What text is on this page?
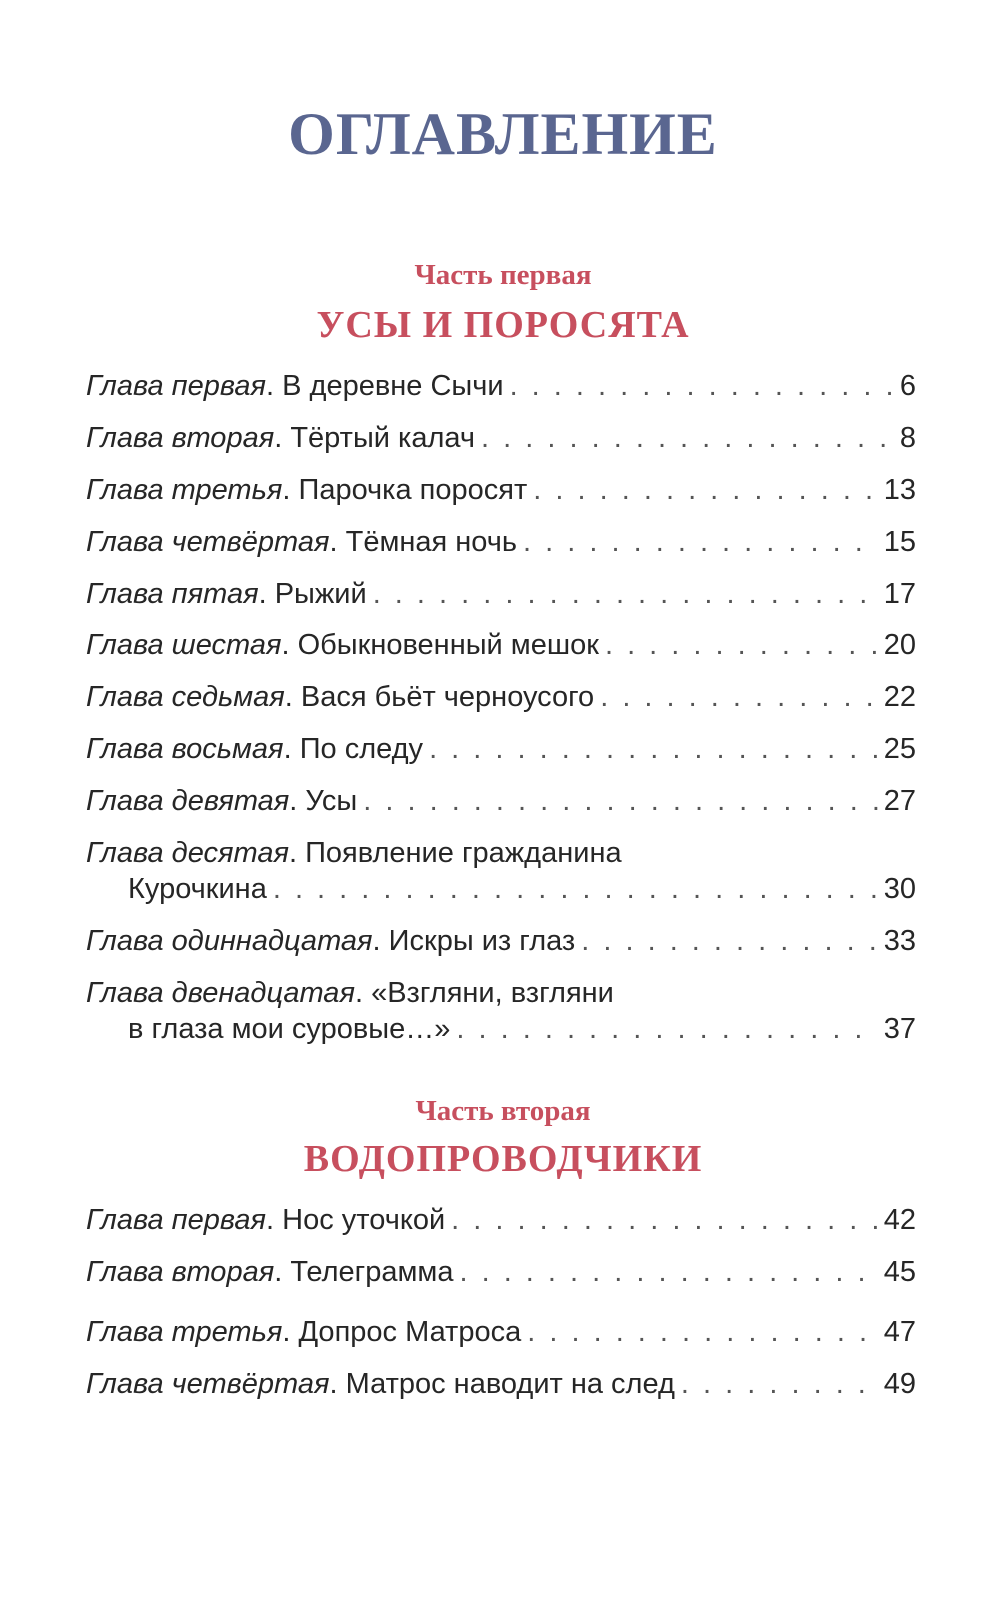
ОГЛАВЛЕНИЕ
Часть первая
УСЫ И ПОРОСЯТА
Глава первая . В деревне Сычи . . .	6
Глава вторая . Тёртый калач . . .	8
Глава третья . Парочка поросят . . .	13
Глава четвёртая . Тёмная ночь . . .	15
Глава пятая . Рыжий . . .	17
Глава шестая . Обыкновенный мешок . . .	20
Глава седьмая . Вася бьёт черноусого . . .	22
Глава восьмая . По следу . . .	25
Глава девятая . Усы . . .	27
Глава десятая . Появление гражданина
Курочкина . . .	30
Глава одиннадцатая . Искры из глаз . . .	33
Глава двенадцатая . «Взгляни, взгляни
в глаза мои суровые…» . . .	37
Часть вторая
ВОДОПРОВОДЧИКИ
Глава первая . Нос уточкой . . .	42
Глава вторая . Телеграмма . . .	45
Глава третья . Допрос Матроса . . .	47
Глава четвёртая . Матрос наводит на след . . .	49
